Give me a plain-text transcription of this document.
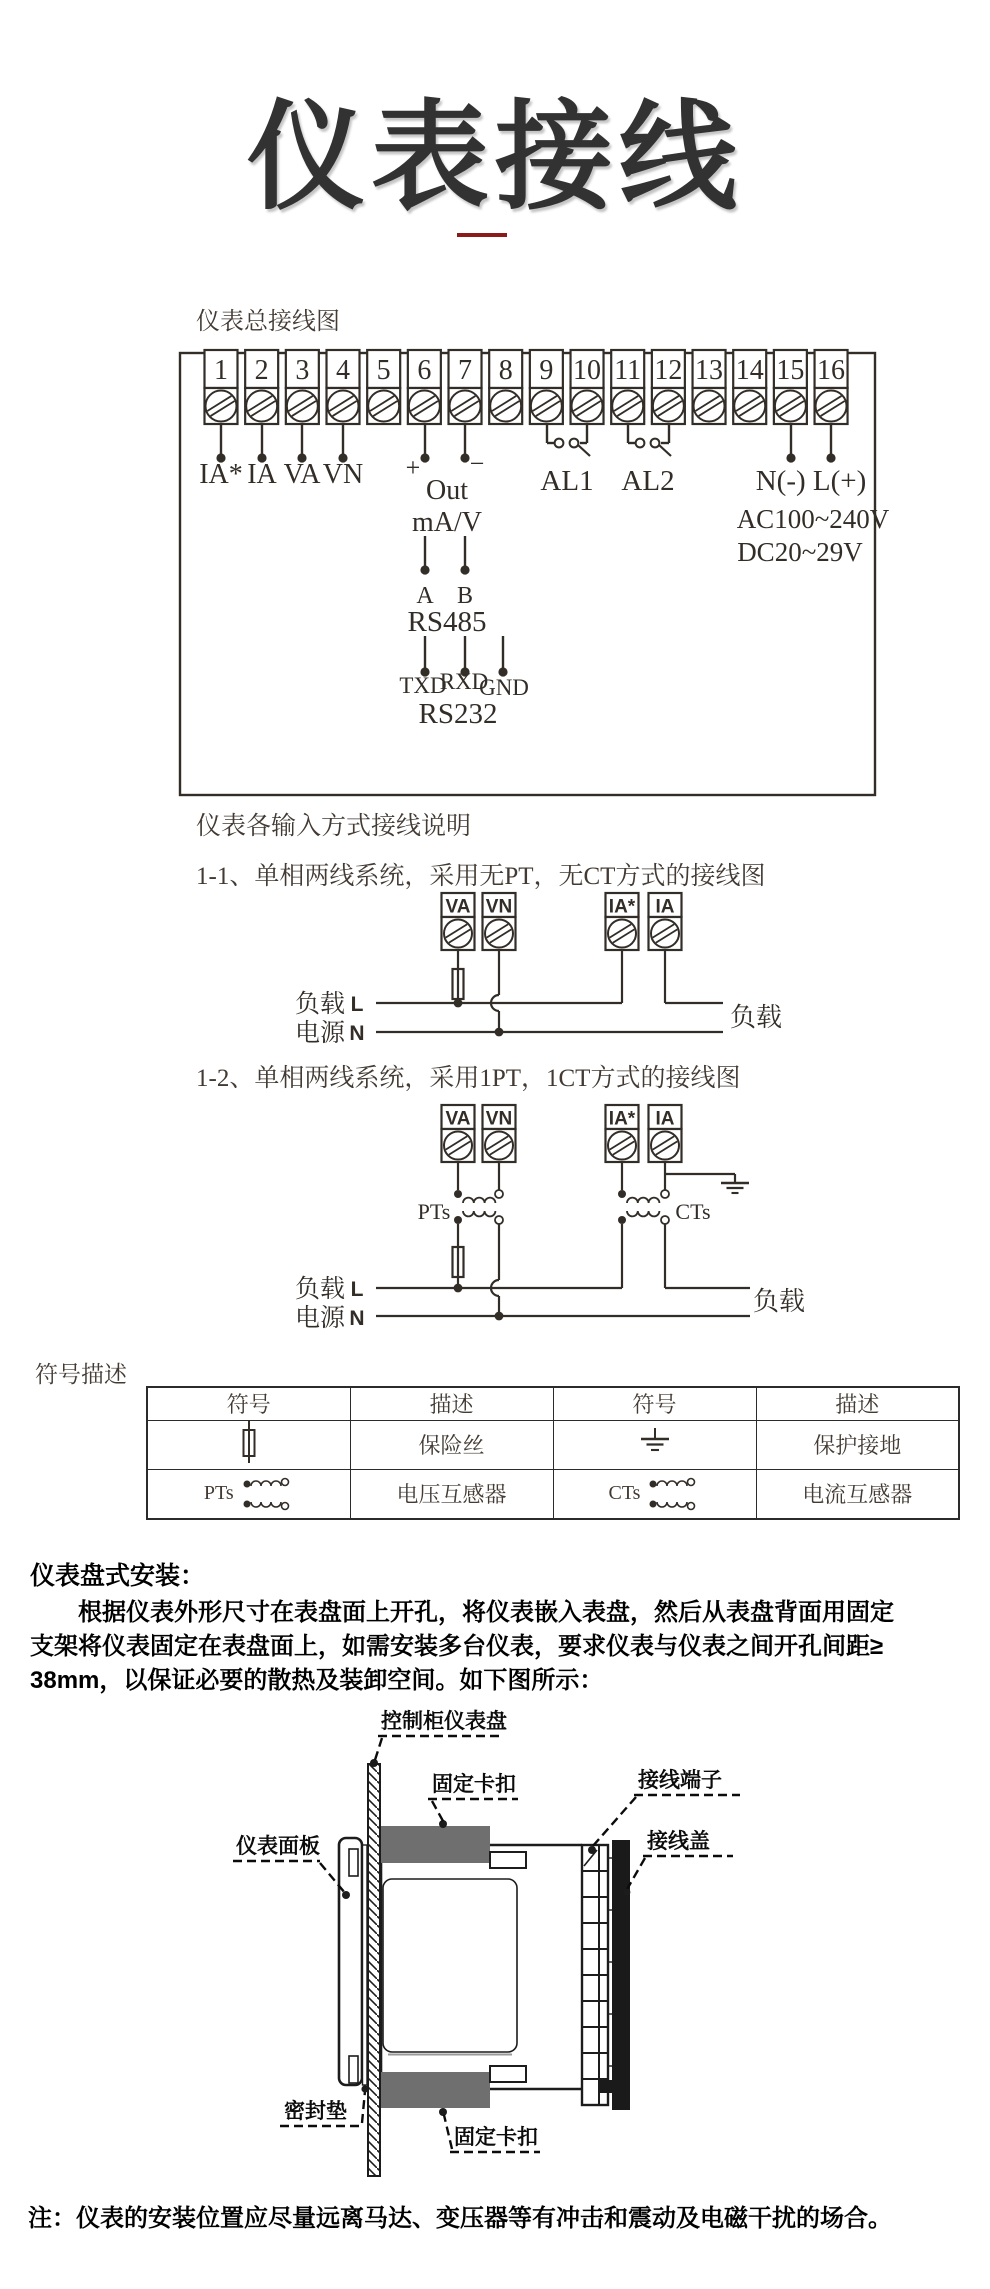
仪表接线
仪表总接线图
1 2 3 4 5 6 7 8 9 10 11 12 13 14 15 16
IA* IA VA VN + −
Out
mA/V
AL1 AL2	N(-) L(+)
AC100~240V
DC20~29V
A B
RS485
TXD
RXD
GND
RS232
仪表各输入方式接线说明
1-1、单相两线系统，采用无PT，无CT方式的接线图
VA VN	IA* IA
负载 L
电源 N
负载
1-2、单相两线系统，采用1PT，1CT方式的接线图
VA VN	IA* IA
PTs	CTs
负载 L
电源 N
负载
符号描述
符号	描述	符号	描述
	保险丝		保护接地

PTs	电压互感器	CTs	电流互感器
仪表盘式安装：
根据仪表外形尺寸在表盘面上开孔，将仪表嵌入表盘，然后从表盘背面用固定
支架将仪表固定在表盘面上，如需安装多台仪表，要求仪表与仪表之间开孔间距≥
38mm，以保证必要的散热及装卸空间。如下图所示：
控制柜仪表盘
固定卡扣	接线端子
接线盖
仪表面板
密封垫
固定卡扣
注：仪表的安装位置应尽量远离马达、变压器等有冲击和震动及电磁干扰的场合。
